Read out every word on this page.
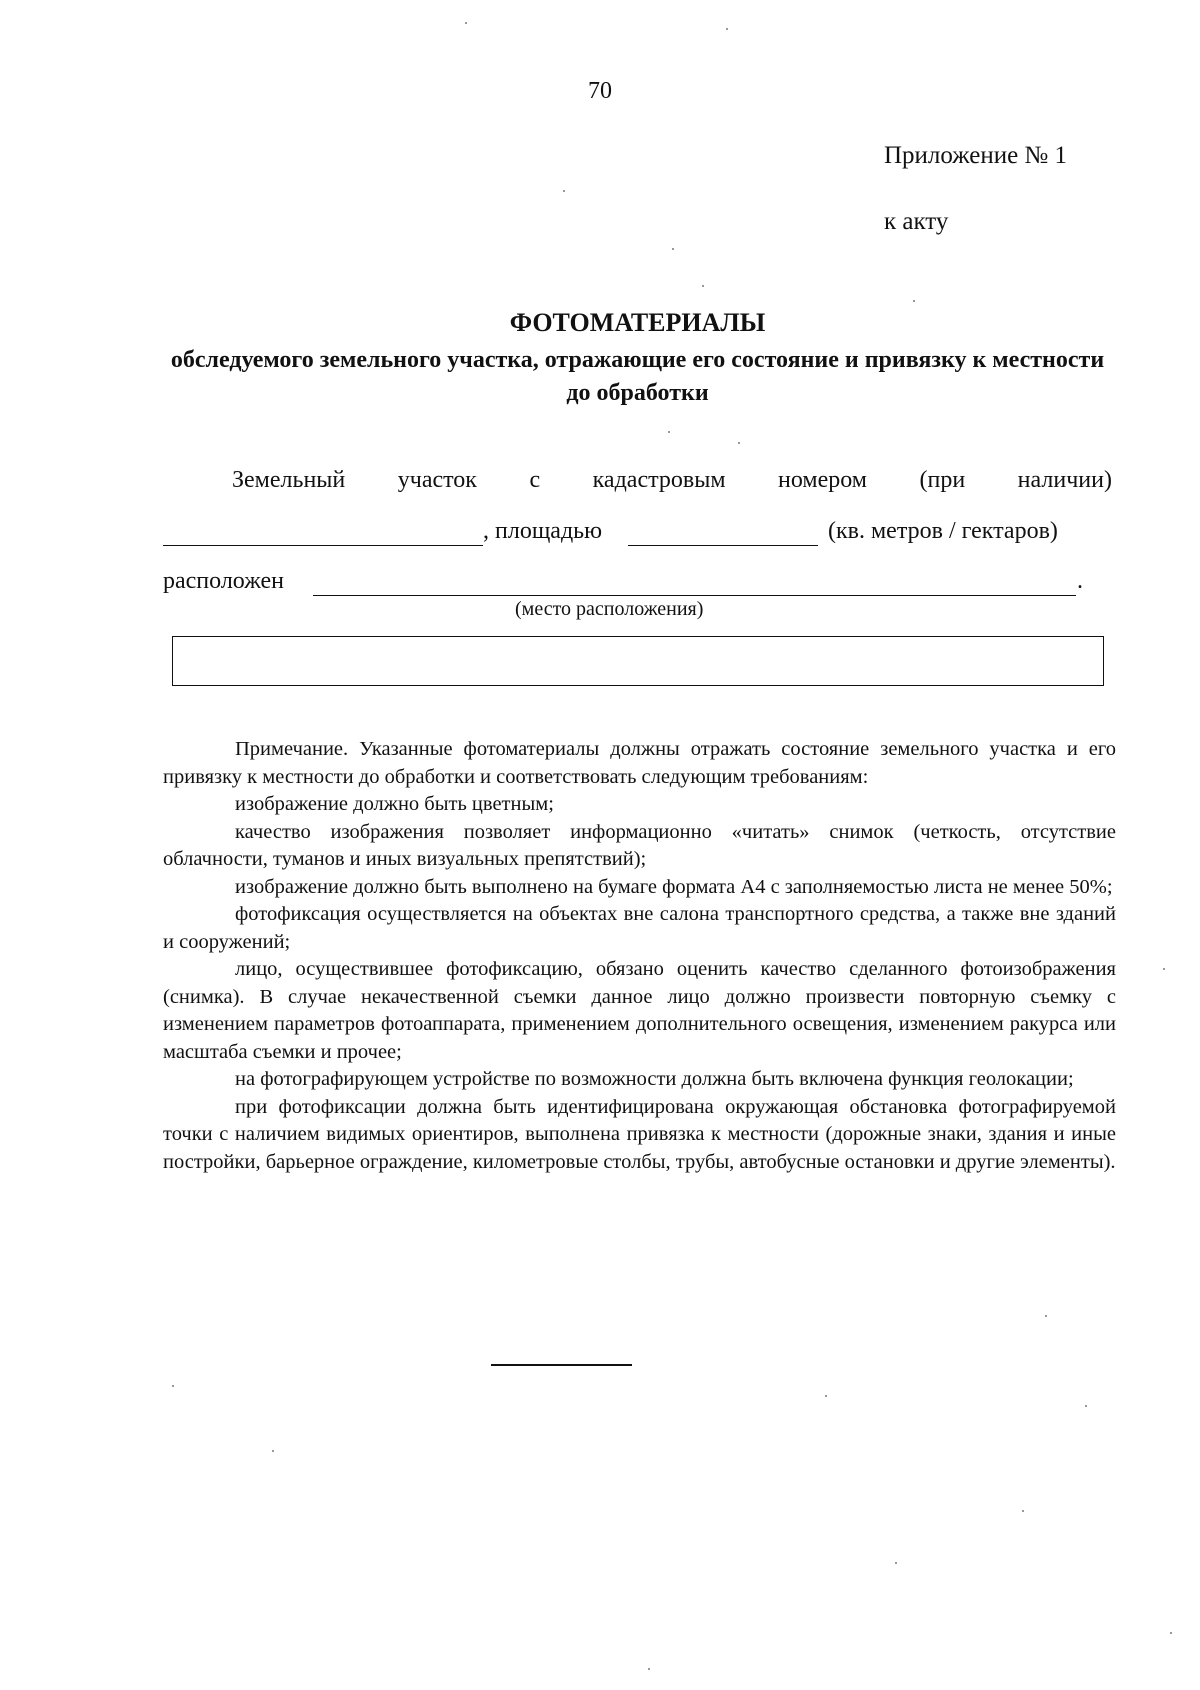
70
Приложение № 1
к акту
ФОТОМАТЕРИАЛЫ
обследуемого земельного участка, отражающие его состояние и привязку к местности до обработки
Земельный участок с кадастровым номером (при наличии)
, площадью	(кв. метров / гектаров)
расположен	.
(место расположения)

Примечание. Указанные фотоматериалы должны отражать состояние земельного участка и его привязку к местности до обработки и соответствовать следующим требованиям:

изображение должно быть цветным;

качество изображения позволяет информационно «читать» снимок (четкость, отсутствие облачности, туманов и иных визуальных препятствий);

изображение должно быть выполнено на бумаге формата А4 с заполняемостью листа не менее 50%;

фотофиксация осуществляется на объектах вне салона транспортного средства, а также вне зданий и сооружений;

лицо, осуществившее фотофиксацию, обязано оценить качество сделанного фотоизображения (снимка). В случае некачественной съемки данное лицо должно произвести повторную съемку с изменением параметров фотоаппарата, применением дополнительного освещения, изменением ракурса или масштаба съемки и прочее;

на фотографирующем устройстве по возможности должна быть включена функция геолокации;

при фотофиксации должна быть идентифицирована окружающая обстановка фотографируемой точки с наличием видимых ориентиров, выполнена привязка к местности (дорожные знаки, здания и иные постройки, барьерное ограждение, километровые столбы, трубы, автобусные остановки и другие элементы).
